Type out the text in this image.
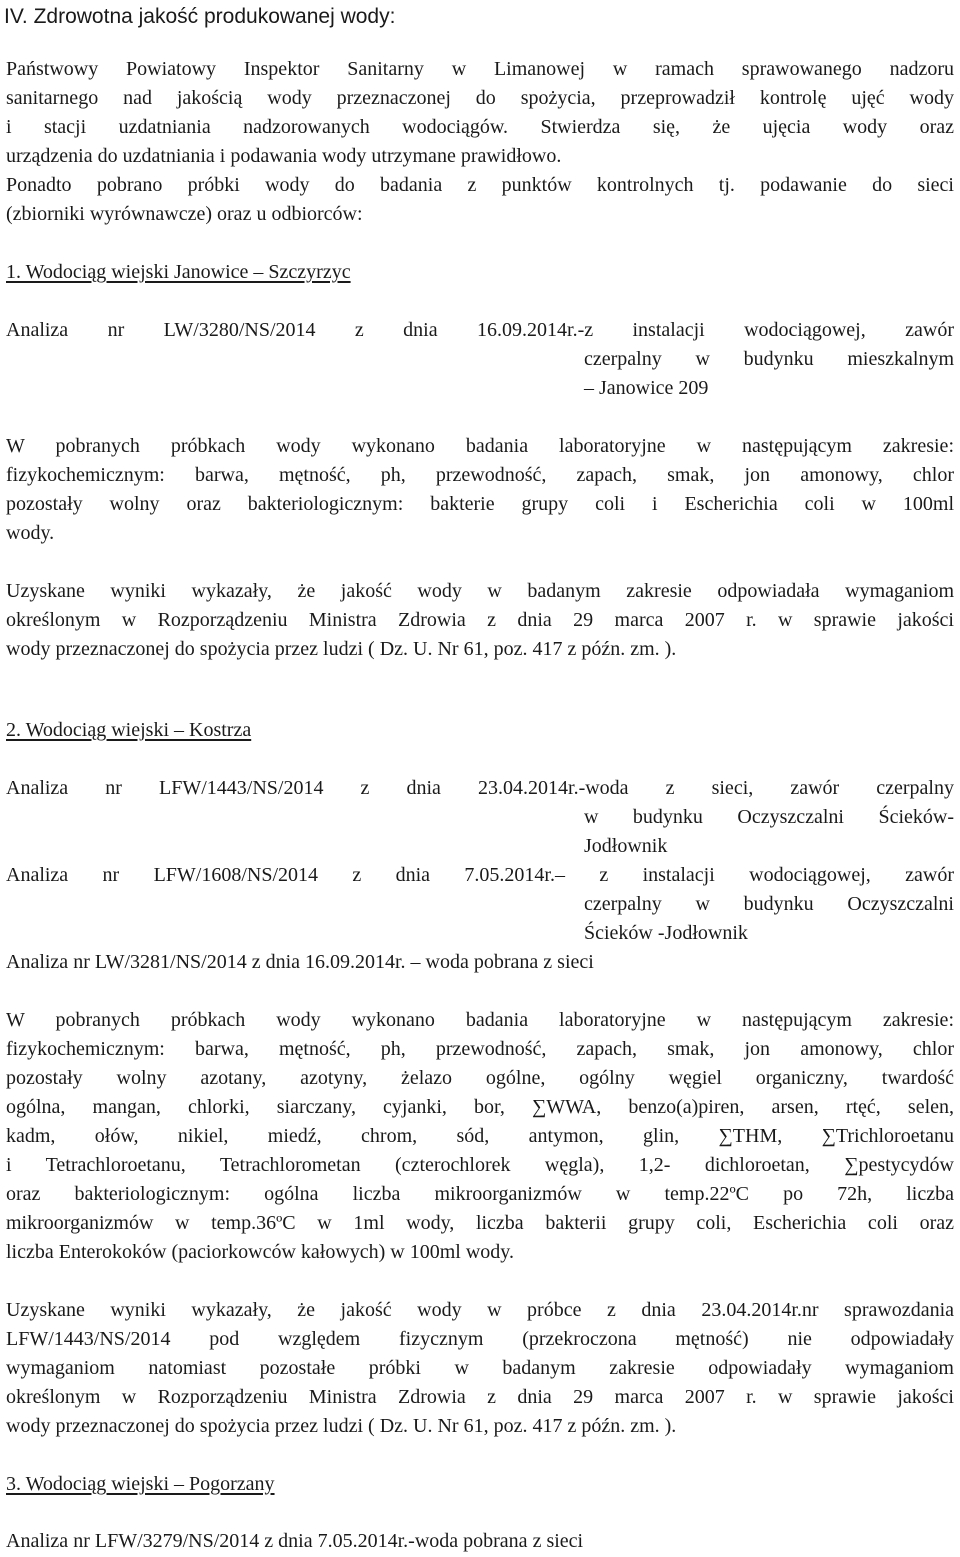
IV. Zdrowotna jakość produkowanej wody:
Państwowy Powiatowy Inspektor Sanitarny w Limanowej w ramach sprawowanego nadzoru
sanitarnego nad jakością wody przeznaczonej do spożycia, przeprowadził kontrolę ujęć wody
i stacji uzdatniania nadzorowanych wodociągów. Stwierdza się, że ujęcia wody oraz
urządzenia do uzdatniania i podawania wody utrzymane prawidłowo.
Ponadto pobrano próbki wody do badania z punktów kontrolnych tj. podawanie do sieci
(zbiorniki wyrównawcze) oraz u odbiorców:
1. Wodociąg wiejski Janowice – Szczyrzyc
Analiza nr LW/3280/NS/2014 z dnia 16.09.2014r.-z instalacji wodociągowej, zawór
czerpalny w budynku mieszkalnym
– Janowice 209
W pobranych próbkach wody wykonano badania laboratoryjne w następującym zakresie:
fizykochemicznym: barwa, mętność, ph, przewodność, zapach, smak, jon amonowy, chlor
pozostały wolny oraz bakteriologicznym: bakterie grupy coli i Escherichia coli w 100ml
wody.
Uzyskane wyniki wykazały, że jakość wody w badanym zakresie odpowiadała wymaganiom
określonym w Rozporządzeniu Ministra Zdrowia z dnia 29 marca 2007 r. w sprawie jakości
wody przeznaczonej do spożycia przez ludzi ( Dz. U. Nr 61, poz. 417 z późn. zm. ).
2. Wodociąg wiejski – Kostrza
Analiza nr LFW/1443/NS/2014 z dnia 23.04.2014r.-woda z sieci, zawór czerpalny
w budynku Oczyszczalni Ścieków-
Jodłownik
Analiza nr LFW/1608/NS/2014 z dnia 7.05.2014r.– z instalacji wodociągowej, zawór
czerpalny w budynku Oczyszczalni
Ścieków -Jodłownik
Analiza nr LW/3281/NS/2014 z dnia 16.09.2014r. – woda pobrana z sieci
W pobranych próbkach wody wykonano badania laboratoryjne w następującym zakresie:
fizykochemicznym: barwa, mętność, ph, przewodność, zapach, smak, jon amonowy, chlor
pozostały wolny azotany, azotyny, żelazo ogólne, ogólny węgiel organiczny, twardość
ogólna, mangan, chlorki, siarczany, cyjanki, bor, ∑WWA, benzo(a)piren, arsen, rtęć, selen,
kadm, ołów, nikiel, miedź, chrom, sód, antymon, glin, ∑THM, ∑Trichloroetanu
i Tetrachloroetanu, Tetrachlorometan (czterochlorek węgla), 1,2- dichloroetan, ∑pestycydów
oraz bakteriologicznym: ogólna liczba mikroorganizmów w temp.22ºC po 72h, liczba
mikroorganizmów w temp.36ºC w 1ml wody, liczba bakterii grupy coli, Escherichia coli oraz
liczba Enterokoków (paciorkowców kałowych) w 100ml wody.
Uzyskane wyniki wykazały, że jakość wody w próbce z dnia 23.04.2014r.nr sprawozdania
LFW/1443/NS/2014 pod względem fizycznym (przekroczona mętność) nie odpowiadały
wymaganiom natomiast pozostałe próbki w badanym zakresie odpowiadały wymaganiom
określonym w Rozporządzeniu Ministra Zdrowia z dnia 29 marca 2007 r. w sprawie jakości
wody przeznaczonej do spożycia przez ludzi ( Dz. U. Nr 61, poz. 417 z późn. zm. ).
3. Wodociąg wiejski – Pogorzany
Analiza nr LFW/3279/NS/2014 z dnia 7.05.2014r.-woda pobrana z sieci
